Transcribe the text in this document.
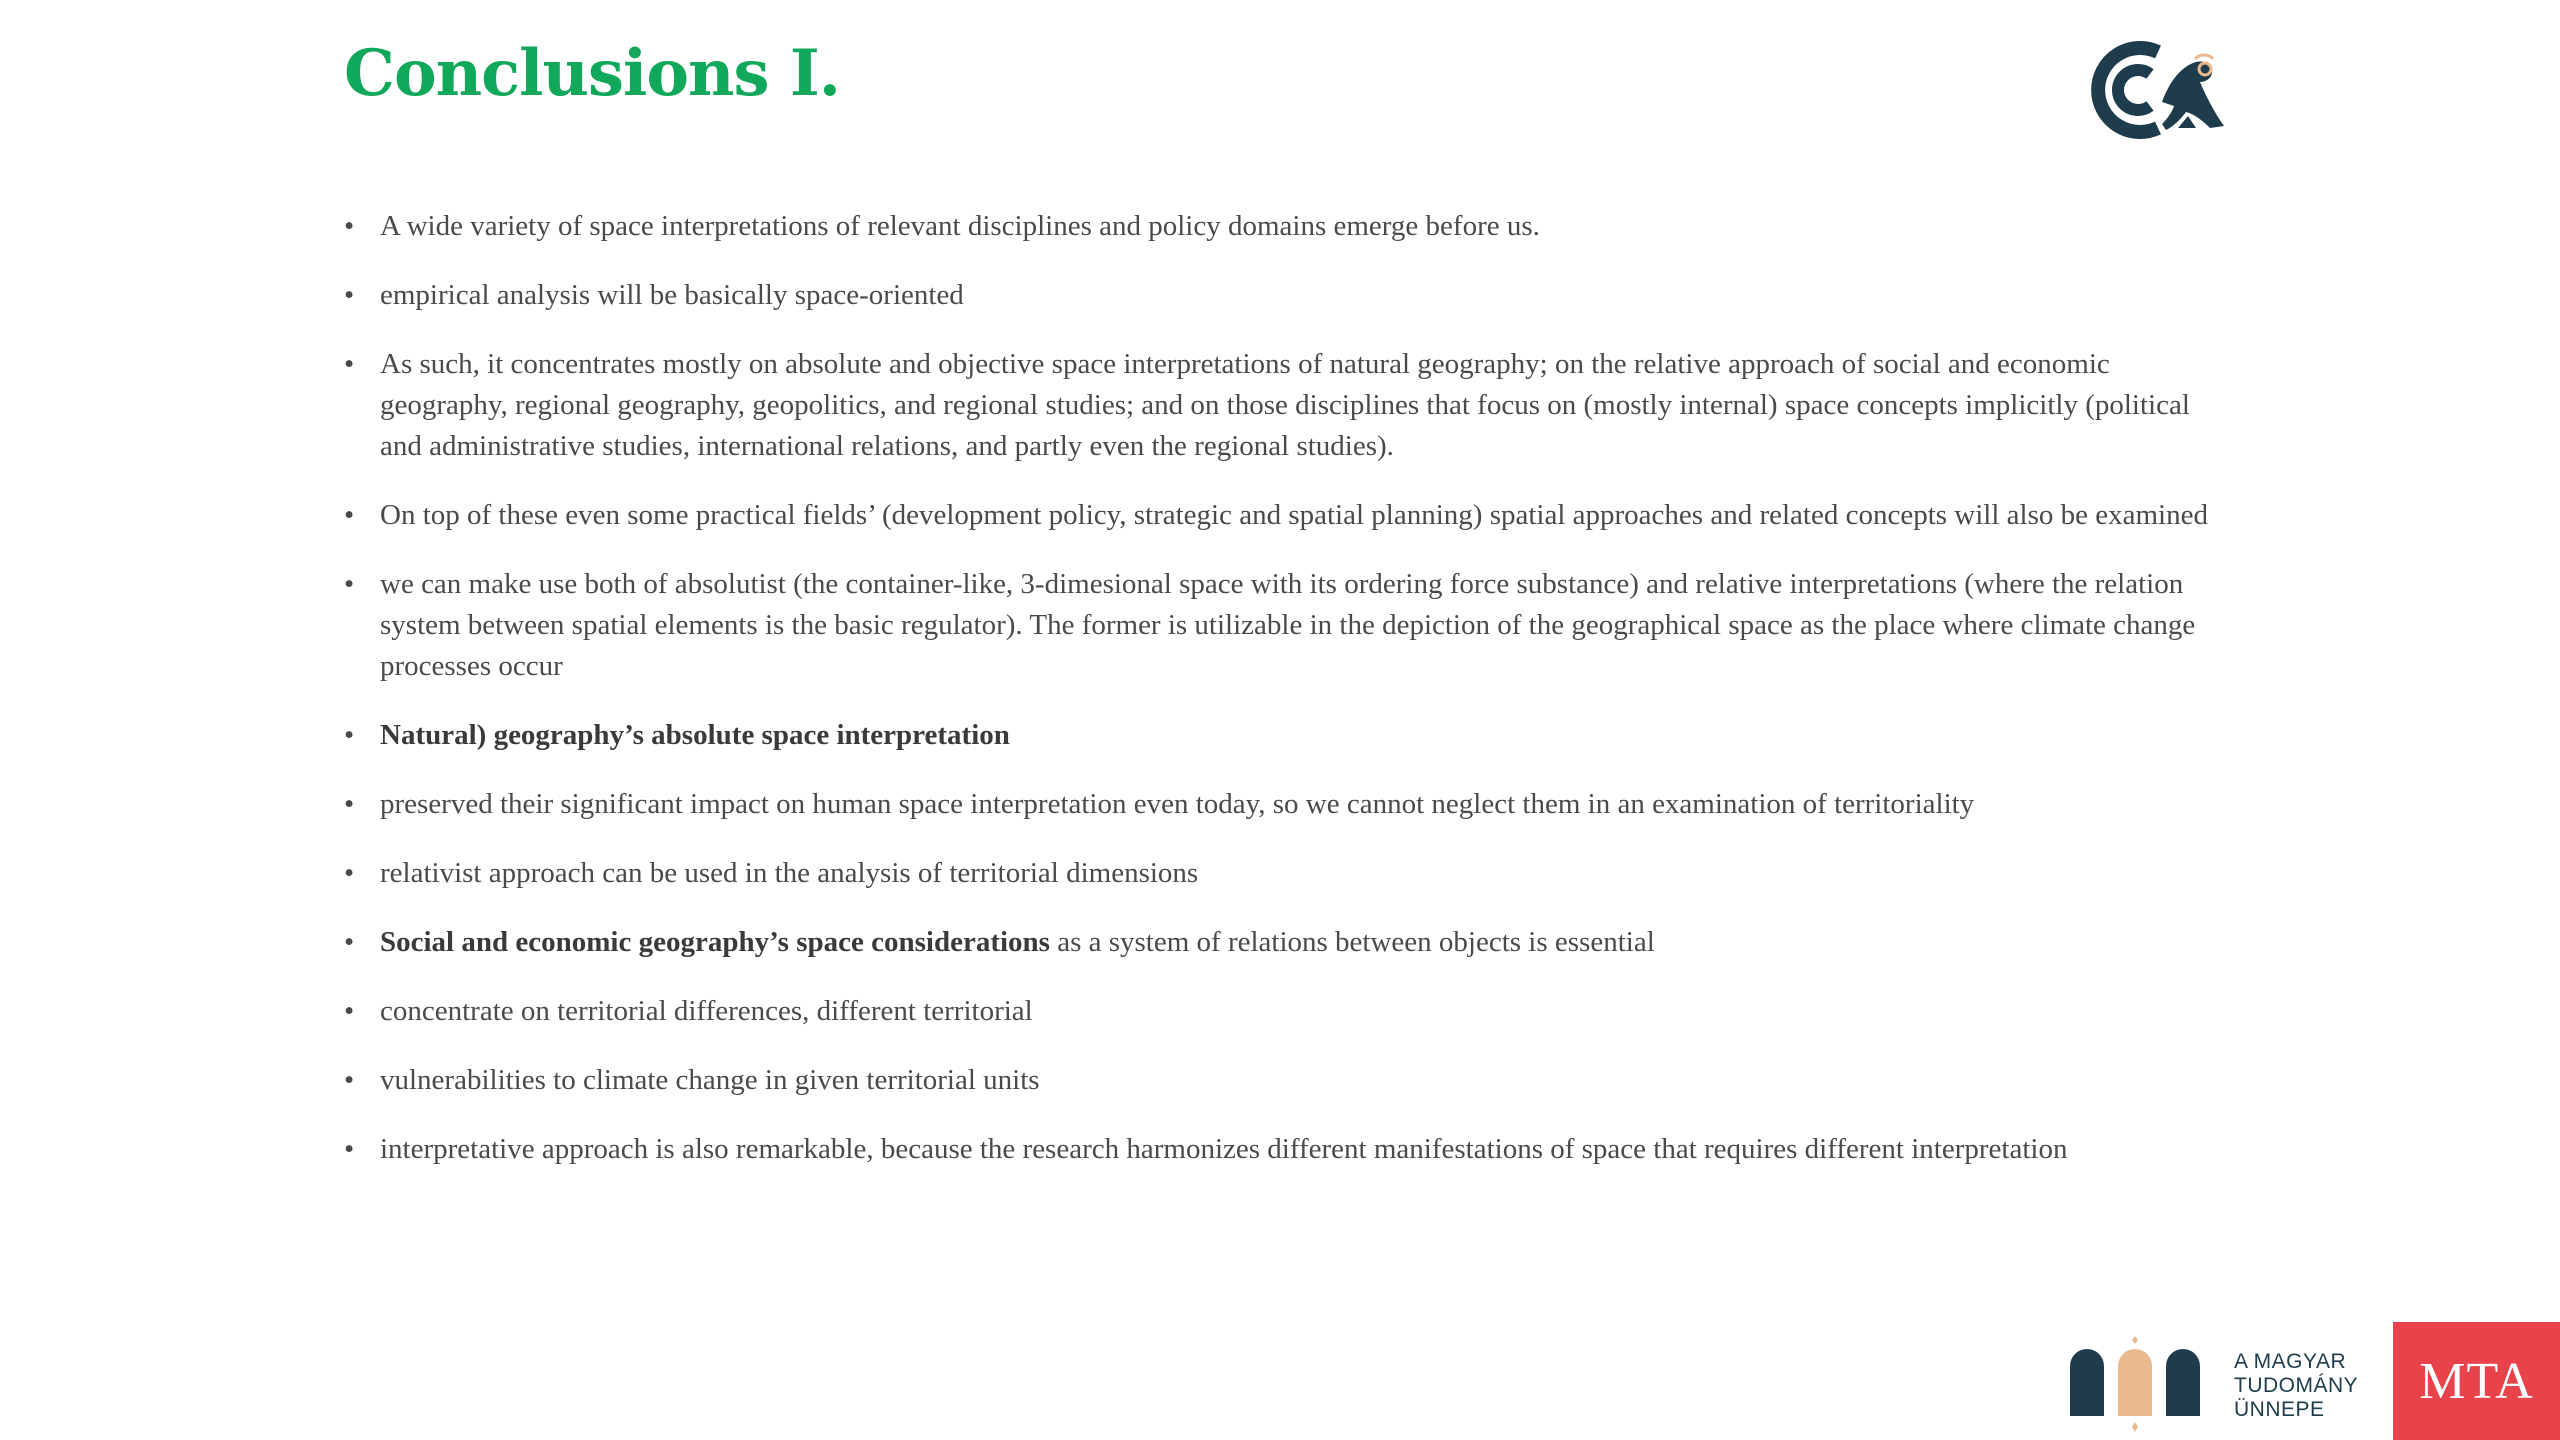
Conclusions I.
• A wide variety of space interpretations of relevant disciplines and policy domains emerge before us.
• empirical analysis will be basically space-oriented
• As such, it concentrates mostly on absolute and objective space interpretations of natural geography; on the relative approach of social and economic geography, regional geography, geopolitics, and regional studies; and on those disciplines that focus on (mostly internal) space concepts implicitly (political and administrative studies, international relations, and partly even the regional studies).
• On top of these even some practical fields’ (development policy, strategic and spatial planning) spatial approaches and related concepts will also be examined
• we can make use both of absolutist (the container-like, 3-dimesional space with its ordering force substance) and relative interpretations (where the relation system between spatial elements is the basic regulator). The former is utilizable in the depiction of the geographical space as the place where climate change processes occur
• Natural) geography’s absolute space interpretation
• preserved their significant impact on human space interpretation even today, so we cannot neglect them in an examination of territoriality
• relativist approach can be used in the analysis of territorial dimensions
• Social and economic geography’s space considerations as a system of relations between objects is essential
• concentrate on territorial differences, different territorial
• vulnerabilities to climate change in given territorial units
• interpretative approach is also remarkable, because the research harmonizes different manifestations of space that requires different interpretation
A MAGYAR
TUDOMÁNY
ÜNNEPE	MTA
